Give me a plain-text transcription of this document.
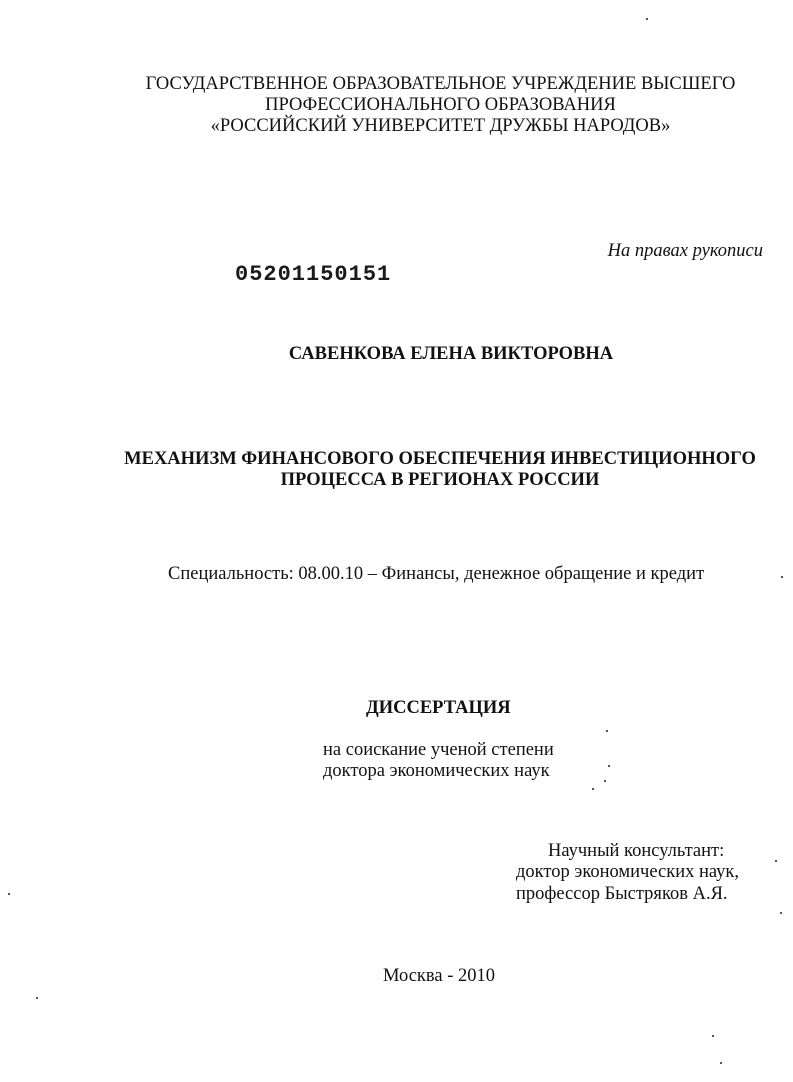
ГОСУДАРСТВЕННОЕ ОБРАЗОВАТЕЛЬНОЕ УЧРЕЖДЕНИЕ ВЫСШЕГО
ПРОФЕССИОНАЛЬНОГО ОБРАЗОВАНИЯ
«РОССИЙСКИЙ УНИВЕРСИТЕТ ДРУЖБЫ НАРОДОВ»
На правах рукописи
05201150151
САВЕНКОВА ЕЛЕНА ВИКТОРОВНА
МЕХАНИЗМ ФИНАНСОВОГО ОБЕСПЕЧЕНИЯ ИНВЕСТИЦИОННОГО
ПРОЦЕССА В РЕГИОНАХ РОССИИ
Специальность: 08.00.10 – Финансы, денежное обращение и кредит
ДИССЕРТАЦИЯ
на соискание ученой степени
доктора экономических наук
Научный консультант:
доктор экономических наук,
профессор Быстряков А.Я.
Москва - 2010
